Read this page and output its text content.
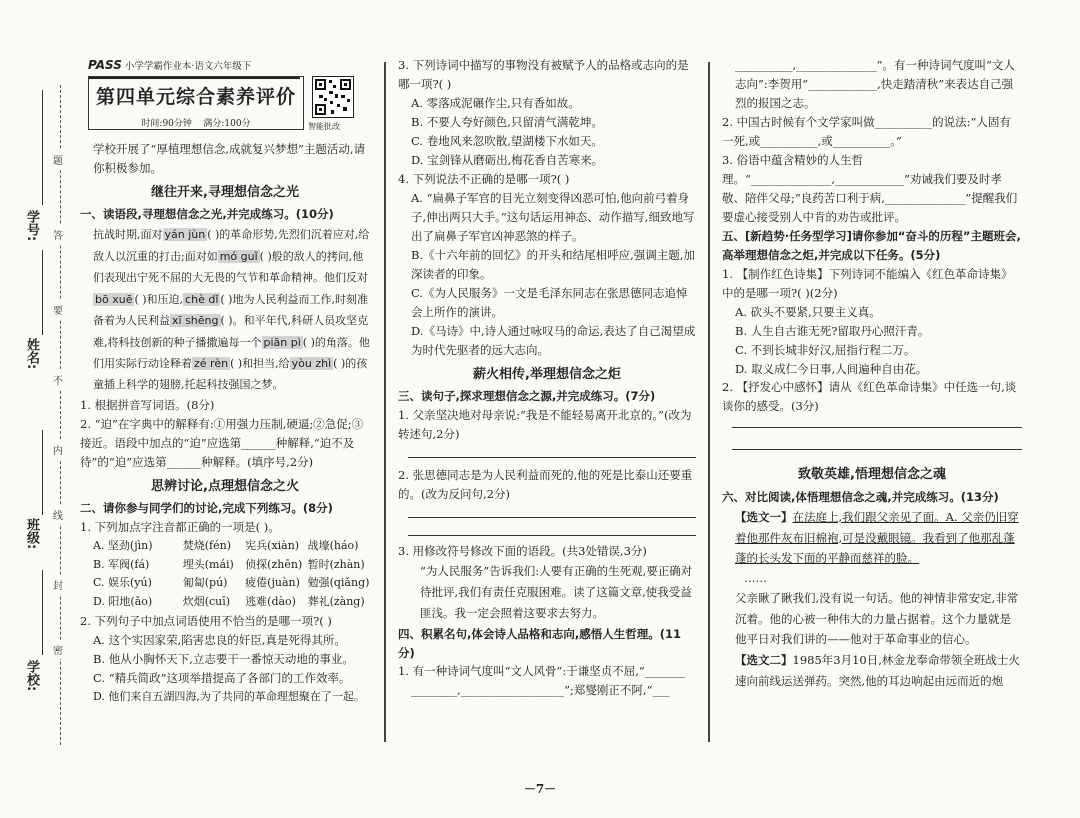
学号:
姓名:
班级:
学校:
题
答
要
不
内
线
封
密
PASS 小学学霸作业本·语文六年级下
第四单元综合素养评价
时间:90分钟 满分:100分	智能批改

学校开展了“厚植理想信念,成就复兴梦想”主题活动,请你积极参加。

继往开来,寻理想信念之光

一、读语段,寻理想信念之光,并完成练习。(10分)

抗战时期,面对 yán jùn ( )的革命形势,先烈们沉着应对,给敌人以沉重的打击;面对如 mó guǐ ( )般的敌人的拷问,他们表现出宁死不屈的大无畏的气节和革命精神。他们反对bō xuē ( )和压迫, chè dǐ ( )地为人民利益而工作,时刻准备着为人民利益 xī shēng ( )。和平年代,科研人员攻坚克难,将科技创新的种子播撒遍每一个 piān pì ( )的角落。他们用实际行动诠释着 zé rèn ( )和担当,给 yòu zhì ( )的孩童插上科学的翅膀,托起科技强国之梦。

1. 根据拼音写词语。(8分)

2. “迫”在字典中的解释有:①用强力压制,硬逼;②急促;③接近。语段中加点的“迫”应选第______种解释,“迫不及待”的“迫”应选第______种解释。(填序号,2分)

思辨讨论,点理想信念之火

二、请你参与同学们的讨论,完成下列练习。(8分)

1. 下列加点字注音都正确的一项是( )。

A. 坚劲(jìn)	焚烧(fén)	宪兵(xiàn) 战壕(háo)
B. 军阀(fá)	埋头(mái)	侦探(zhēn) 暂时(zhàn)
C. 娱乐(yú)	匍匐(pú)	疲倦(juàn) 勉强(qiǎng)
D. 阳地(ǎo)	炊烟(cuī)	逃难(dào)	葬礼(zàng)

2. 下列句子中加点词语使用不恰当的是哪一项?( )

A. 这个实因家荣,陷害忠良的奸臣,真是死得其所。

B. 他从小胸怀天下,立志要干一番惊天动地的事业。

C. “精兵简政”这项举措提高了各部门的工作效率。

D. 他们来自五湖四海,为了共同的革命理想聚在了一起。

3. 下列诗词中描写的事物没有被赋予人的品格或志向的是哪一项?( )

A. 零落成泥碾作尘,只有香如故。

B. 不要人夸好颜色,只留清气满乾坤。

C. 卷地风来忽吹散,望湖楼下水如天。

D. 宝剑锋从磨砺出,梅花香自苦寒来。

4. 下列说法不正确的是哪一项?( )

A. “扁鼻子军官的目光立刻变得凶恶可怕,他向前弓着身子,伸出两只大手。”这句话运用神态、动作描写,细致地写出了扁鼻子军官凶神恶煞的样子。

B.《十六年前的回忆》的开头和结尾相呼应,强调主题,加深读者的印象。

C.《为人民服务》一文是毛泽东同志在张思德同志追悼会上所作的演讲。

D.《马诗》中,诗人通过咏叹马的命运,表达了自己渴望成为时代先驱者的远大志向。

薪火相传,举理想信念之炬

三、读句子,探求理想信念之源,并完成练习。(7分)

1. 父亲坚决地对母亲说:“我是不能轻易离开北京的。”(改为转述句,2分)

2. 张思德同志是为人民利益而死的,他的死是比泰山还要重的。(改为反问句,2分)

3. 用修改符号修改下面的语段。(共3处错误,3分)

“为人民服务”告诉我们:人要有正确的生死观,要正确对待批评,我们有责任克服困难。读了这篇文章,使我受益匪浅。我一定会照着这要求去努力。

四、积累名句,体会诗人品格和志向,感悟人生哲理。(11分)

1. 有一种诗词气度叫“文人风骨”:于谦坚贞不屈,“_______

________,__________________”;郑燮刚正不阿,“___

__________,______________”。有一种诗词气度叫“文人志向”:李贺用“____________,快走踏清秋”来表达自己强烈的报国之志。

2. 中国古时候有个文学家叫做__________的说法:“人固有一死,或__________,或__________。”

3. 俗语中蕴含精妙的人生哲理。“______________,____________”劝诫我们要及时孝敬、陪伴父母;“良药苦口利于病,______________”提醒我们要虚心接受别人中肯的劝告或批评。

五、[新趋势·任务型学习]请你参加“奋斗的历程”主题班会,高举理想信念之炬,并完成以下任务。(5分)

1. 【制作红色诗集】下列诗词不能编入《红色革命诗集》中的是哪一项?( )(2分)

A. 砍头不要紧,只要主义真。

B. 人生自古谁无死?留取丹心照汗青。

C. 不到长城非好汉,屈指行程二万。

D. 取义成仁今日事,人间遍种自由花。

2. 【抒发心中感怀】请从《红色革命诗集》中任选一句,谈谈你的感受。(3分)

致敬英雄,悟理想信念之魂

六、对比阅读,体悟理想信念之魂,并完成练习。(13分)

【选文一】在法庭上,我们跟父亲见了面。A. 父亲仍旧穿着他那件灰布旧棉袍,可是没戴眼镜。我看到了他那乱蓬蓬的长头发下面的平静而慈祥的脸。

……

父亲瞅了瞅我们,没有说一句话。他的神情非常安定,非常沉着。他的心被一种伟大的力量占据着。这个力量就是他平日对我们讲的——他对于革命事业的信心。

【选文二】1985年3月10日,林金龙奉命带领全班战士火速向前线运送弹药。突然,他的耳边响起由远而近的炮

－7－
